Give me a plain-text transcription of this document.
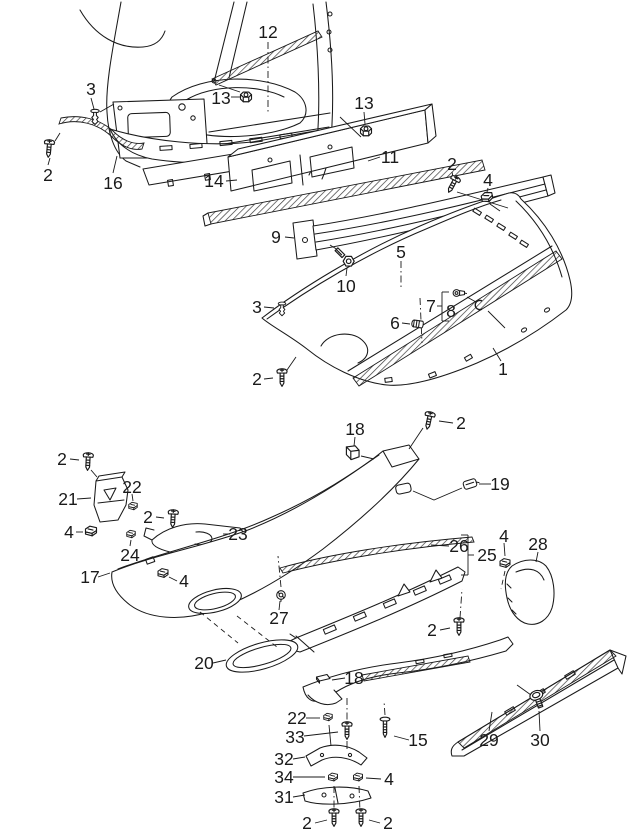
12
13
3
2	16	14
13
11
9
10
2
4
5
3
6
7 8
1
2
18	2
19
2
21
22
4
2
23
24
17	4
26 25
4 28
27
2
20
18
22
33	15
32
34	4
31
2	2
29 30
